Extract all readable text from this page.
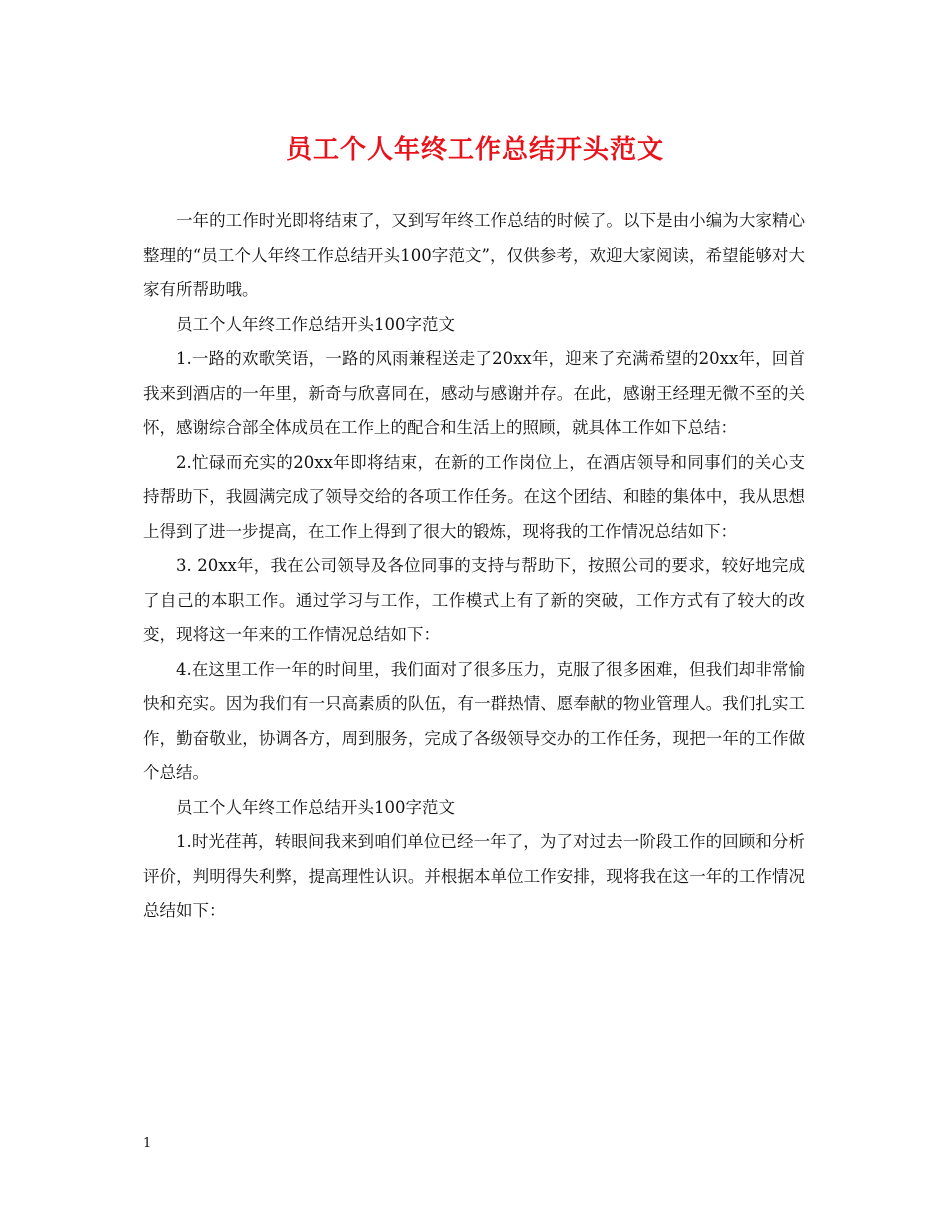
员工个人年终工作总结开头范文

一年的工作时光即将结束了，又到写年终工作总结的时候了。以下是由小编为大家精心整理的“员工个人年终工作总结开头100字范文”，仅供参考，欢迎大家阅读，希望能够对大家有所帮助哦。

员工个人年终工作总结开头100字范文

1.一路的欢歌笑语，一路的风雨兼程送走了20xx年，迎来了充满希望的20xx年，回首我来到酒店的一年里，新奇与欣喜同在，感动与感谢并存。在此，感谢王经理无微不至的关怀，感谢综合部全体成员在工作上的配合和生活上的照顾，就具体工作如下总结：

2.忙碌而充实的20xx年即将结束，在新的工作岗位上，在酒店领导和同事们的关心支持帮助下，我圆满完成了领导交给的各项工作任务。在这个团结、和睦的集体中，我从思想上得到了进一步提高，在工作上得到了很大的锻炼，现将我的工作情况总结如下：

3. 20xx年，我在公司领导及各位同事的支持与帮助下，按照公司的要求，较好地完成了自己的本职工作。通过学习与工作，工作模式上有了新的突破，工作方式有了较大的改变，现将这一年来的工作情况总结如下：

4.在这里工作一年的时间里，我们面对了很多压力，克服了很多困难，但我们却非常愉快和充实。因为我们有一只高素质的队伍，有一群热情、愿奉献的物业管理人。我们扎实工作，勤奋敬业，协调各方，周到服务，完成了各级领导交办的工作任务，现把一年的工作做个总结。

员工个人年终工作总结开头100字范文

1.时光荏苒，转眼间我来到咱们单位已经一年了，为了对过去一阶段工作的回顾和分析评价，判明得失利弊，提高理性认识。并根据本单位工作安排，现将我在这一年的工作情况总结如下：

1
